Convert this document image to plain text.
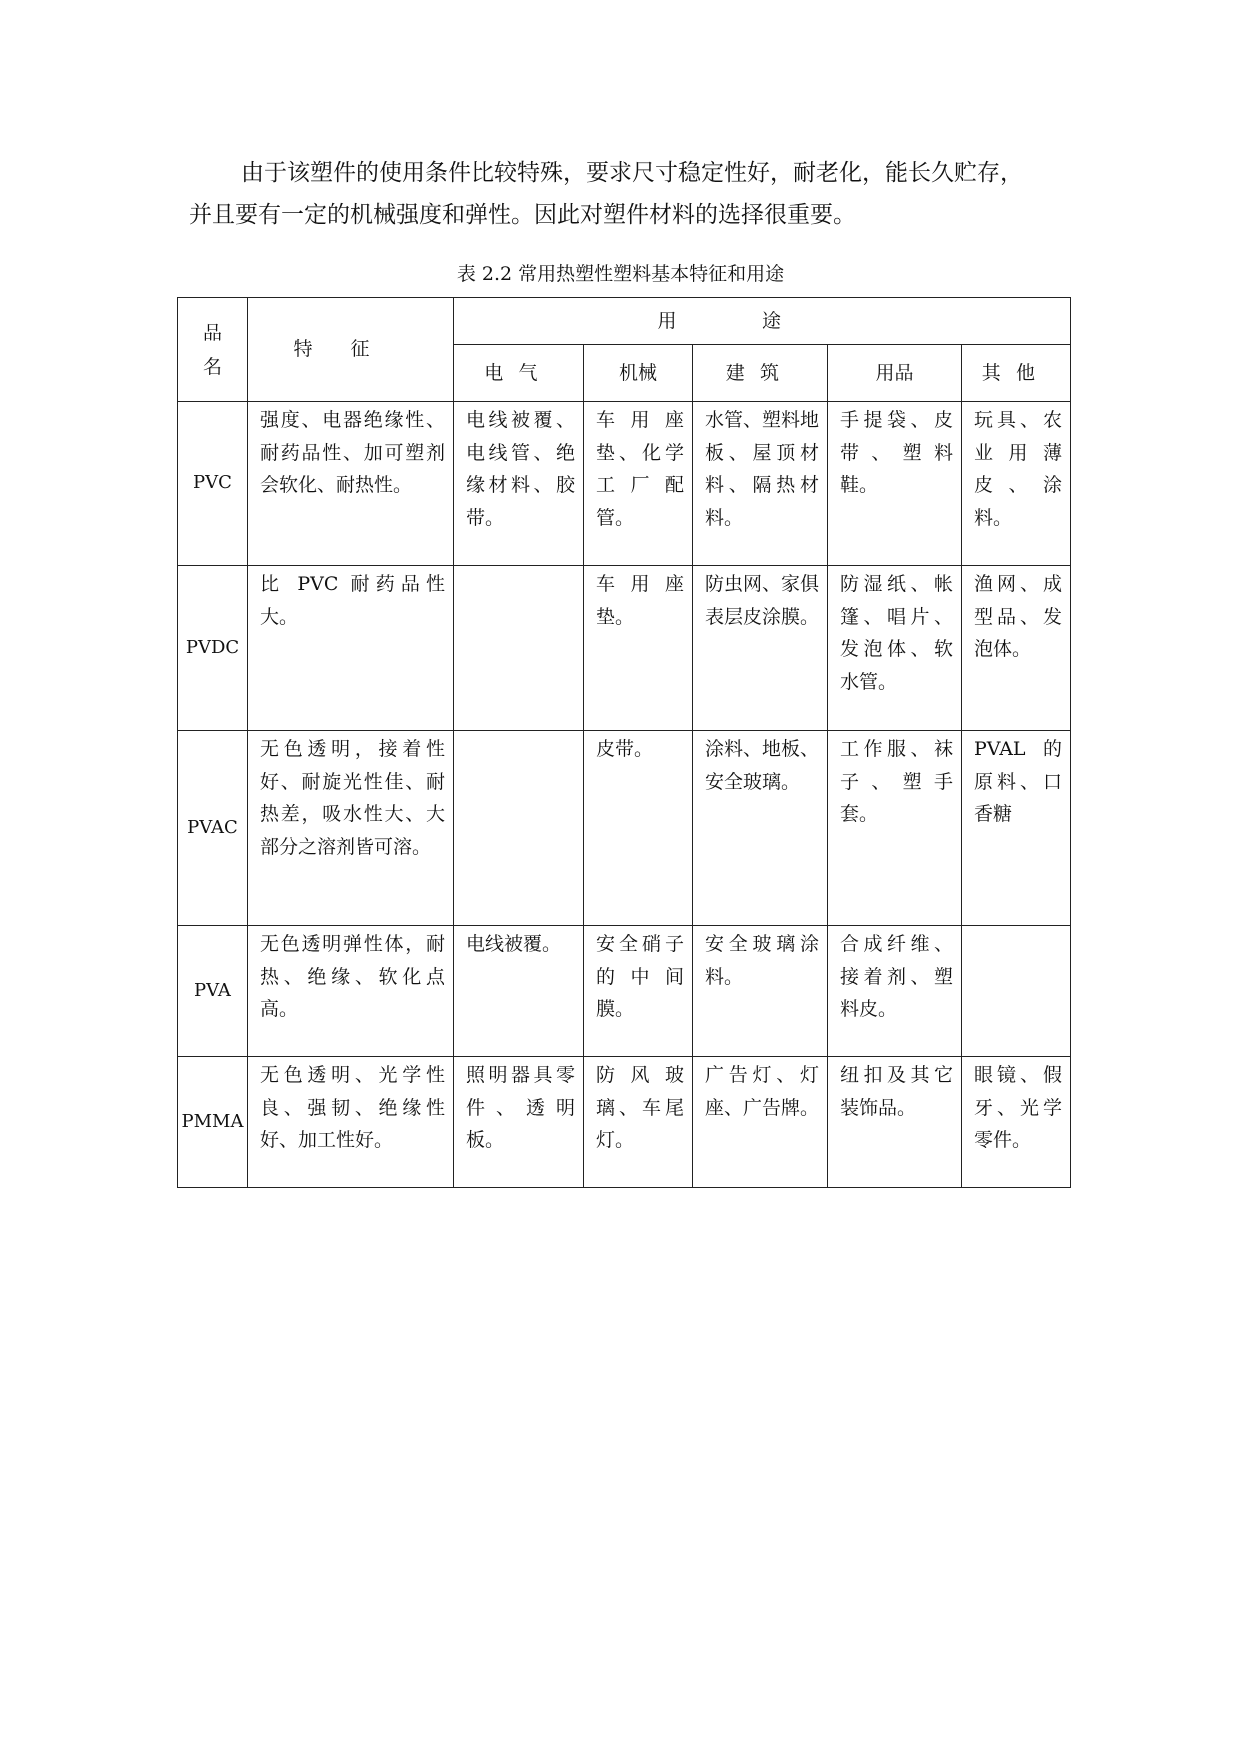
由于该塑件的使用条件比较特殊，要求尺寸稳定性好，耐老化，能长久贮存，
并且要有一定的机械强度和弹性。因此对塑件材料的选择很重要。

表 2.2 常用热塑性塑料基本特征和用途

品名	特征	用途				
		电气	机械	建筑	用品	其他
PVC	强度、电器绝缘性、耐药品性、加可塑剂会软化、耐热性。	电线被覆、电线管、绝缘材料、胶带。	车用座垫、化学工厂配管。	水管、塑料地板、屋顶材料、隔热材料。	手提袋、皮带、塑料鞋。	玩具、农业用薄皮、涂料。
PVDC	比 PVC 耐药品性大。		车用座垫。	防虫网、家俱表层皮涂膜。	防湿纸、帐篷、唱片、发泡体、软水管。	渔网、成型品、发泡体。
PVAC	无色透明，接着性好、耐旋光性佳、耐热差，吸水性大、大部分之溶剂皆可溶。		皮带。	涂料、地板、安全玻璃。	工作服、袜子、塑手套。	PVAL 的原料、口香糖
PVA	无色透明弹性体，耐热、绝缘、软化点高。	电线被覆。	安全硝子的中间膜。	安全玻璃涂料。	合成纤维、接着剂、塑料皮。	
PMMA	无色透明、光学性良、强韧、绝缘性好、加工性好。	照明器具零件、透明板。	防风玻璃、车尾灯。	广告灯、灯座、广告牌。	纽扣及其它装饰品。	眼镜、假牙、光学零件。
